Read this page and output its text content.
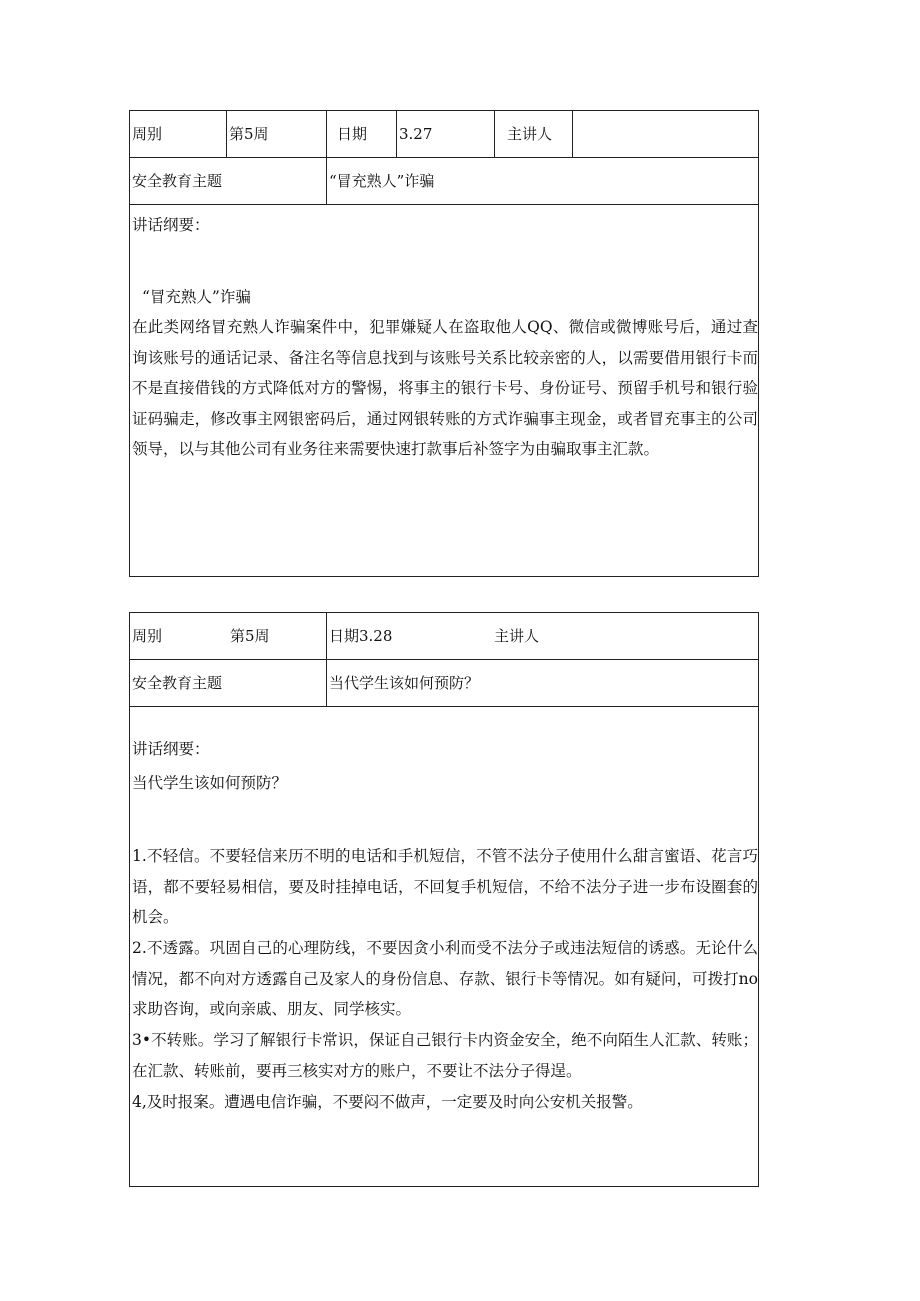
周别	第5周	日期	3.27	主讲人
安全教育主题	“冒充熟人”诈骗
讲话纲要：
“冒充熟人”诈骗
在此类网络冒充熟人诈骗案件中，犯罪嫌疑人在盗取他人QQ、微信或微博账号后，通过查询该账号的通话记录、备注名等信息找到与该账号关系比较亲密的人，以需要借用银行卡而不是直接借钱的方式降低对方的警惕，将事主的银行卡号、身份证号、预留手机号和银行验证码骗走，修改事主网银密码后，通过网银转账的方式诈骗事主现金，或者冒充事主的公司领导，以与其他公司有业务往来需要快速打款事后补签字为由骗取事主汇款。
周别	第5周	日期3.28	主讲人
安全教育主题	当代学生该如何预防？
讲话纲要：
当代学生该如何预防？
1.不轻信。不要轻信来历不明的电话和手机短信，不管不法分子使用什么甜言蜜语、花言巧语，都不要轻易相信，要及时挂掉电话，不回复手机短信，不给不法分子进一步布设圈套的机会。
2.不透露。巩固自己的心理防线，不要因贪小利而受不法分子或违法短信的诱惑。无论什么情况，都不向对方透露自己及家人的身份信息、存款、银行卡等情况。如有疑问，可拨打no求助咨询，或向亲戚、朋友、同学核实。
3•不转账。学习了解银行卡常识，保证自己银行卡内资金安全，绝不向陌生人汇款、转账；在汇款、转账前，要再三核实对方的账户，不要让不法分子得逞。
4,及时报案。遭遇电信诈骗，不要闷不做声，一定要及时向公安机关报警。
